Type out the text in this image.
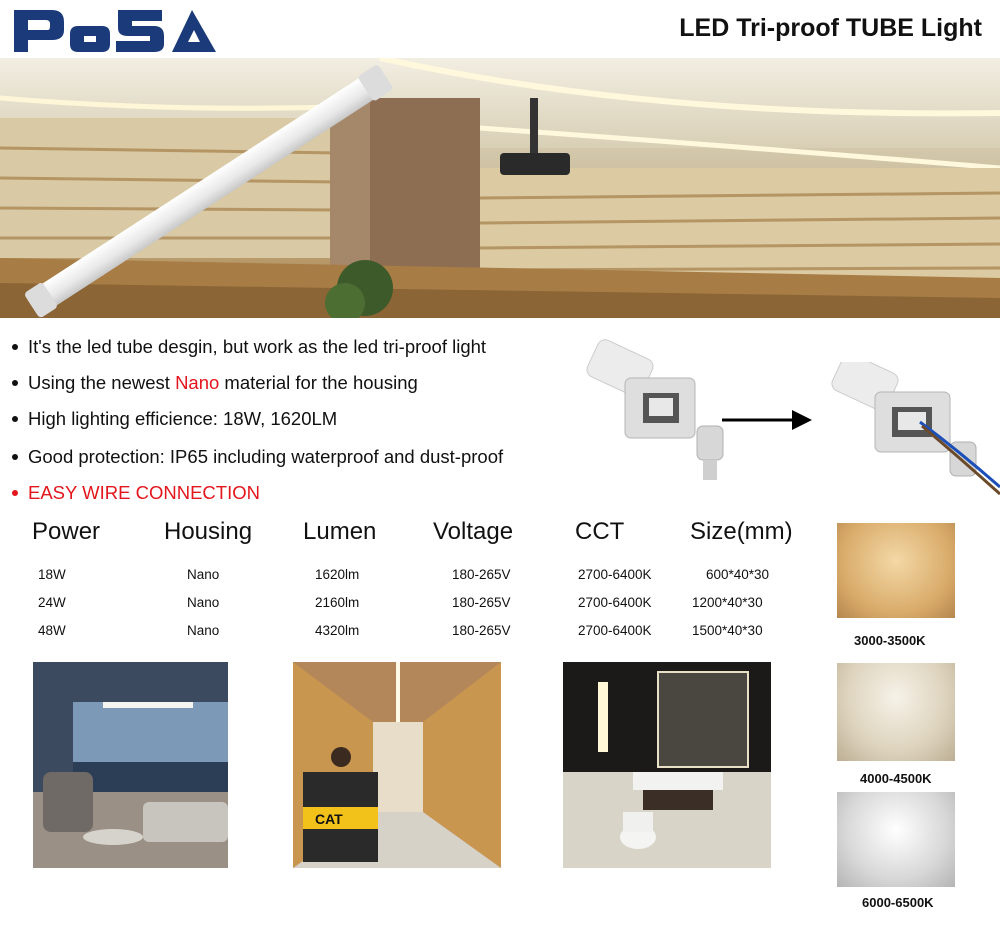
LED Tri-proof TUBE Light
It's the led tube desgin, but work as the led tri-proof light
Using the newest Nano material for the housing
High lighting efficience: 18W, 1620LM
Good protection: IP65 including waterproof and dust-proof
EASY WIRE CONNECTION
Power	Housing Lumen Voltage	CCT	Size(mm)
18W	Nano	1620lm	180-265V	2700-6400K	600*40*30
24W	Nano	2160lm	180-265V	2700-6400K	1200*40*30
48W	Nano	4320lm	180-265V	2700-6400K	1500*40*30
3000-3500K
4000-4500K
6000-6500K
CAT
